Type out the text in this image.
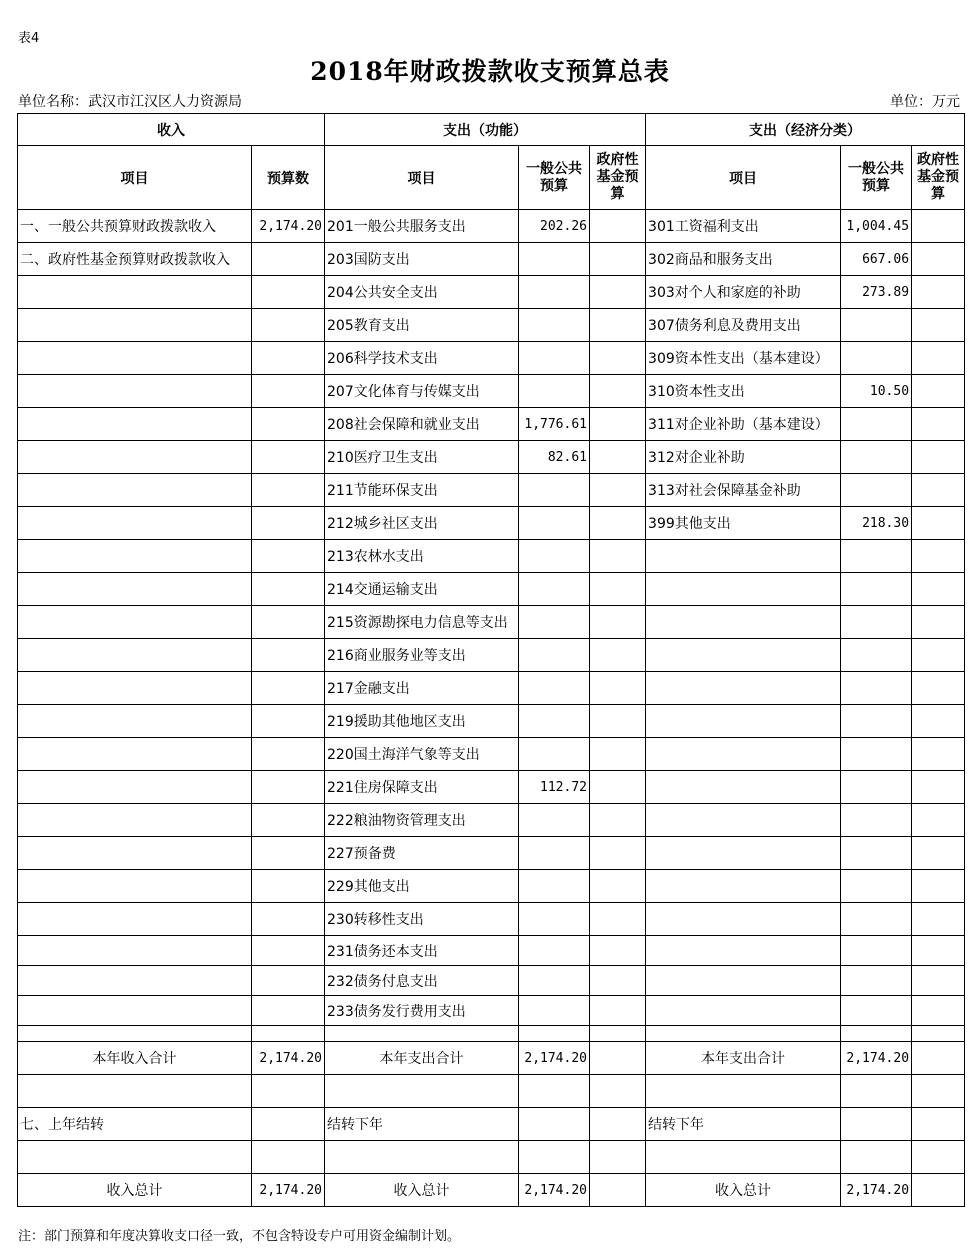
表4
2018年财政拨款收支预算总表
单位名称：武汉市江汉区人力资源局	单位：万元
收入		支出（功能）			支出（经济分类）		
项目	预算数	项目	一般公共预算	政府性基金预算	项目	一般公共预算	政府性基金预算
一、一般公共预算财政拨款收入	2,174.20	201一般公共服务支出	202.26		301工资福利支出	1,004.45	
二、政府性基金预算财政拨款收入		203国防支出			302商品和服务支出	667.06	
		204公共安全支出			303对个人和家庭的补助	273.89	
		205教育支出			307债务利息及费用支出		
		206科学技术支出			309资本性支出（基本建设）		
		207文化体育与传媒支出			310资本性支出	10.50	
		208社会保障和就业支出	1,776.61		311对企业补助（基本建设）		
		210医疗卫生支出	82.61		312对企业补助		
		211节能环保支出			313对社会保障基金补助		
		212城乡社区支出			399其他支出	218.30	
		213农林水支出					
		214交通运输支出					
		215资源勘探电力信息等支出					
		216商业服务业等支出					
		217金融支出					
		219援助其他地区支出					
		220国土海洋气象等支出					
		221住房保障支出	112.72				
		222粮油物资管理支出					
		227预备费					
		229其他支出					
		230转移性支出					
		231债务还本支出					
		232债务付息支出					
		233债务发行费用支出					

本年收入合计	2,174.20	本年支出合计	2,174.20		本年支出合计	2,174.20	

七、上年结转		结转下年			结转下年		

收入总计	2,174.20	收入总计	2,174.20		收入总计	2,174.20	
注：部门预算和年度决算收支口径一致，不包含特设专户可用资金编制计划。
